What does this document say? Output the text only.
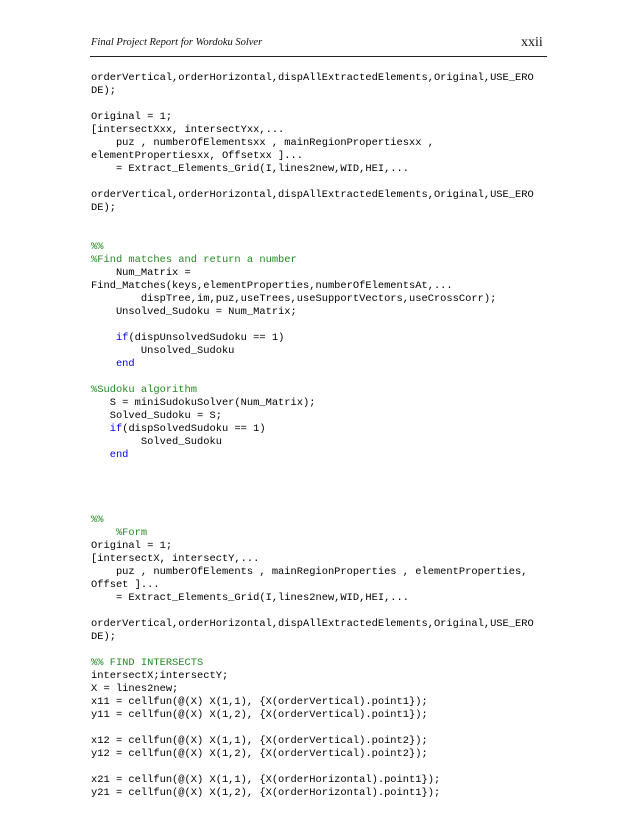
Final Project Report for Wordoku Solver	xxii
orderVertical,orderHorizontal,dispAllExtractedElements,Original,USE_ERO
DE);
Original = 1;
[intersectXxx, intersectYxx,...
puz , numberOfElementsxx , mainRegionPropertiesxx ,
elementPropertiesxx, Offsetxx ]...
= Extract_Elements_Grid(I,lines2new,WID,HEI,...
orderVertical,orderHorizontal,dispAllExtractedElements,Original,USE_ERO
DE);
%%
%Find matches and return a number
Num_Matrix =
Find_Matches(keys,elementProperties,numberOfElementsAt,...
dispTree,im,puz,useTrees,useSupportVectors,useCrossCorr);
Unsolved_Sudoku = Num_Matrix;
if(dispUnsolvedSudoku == 1)
Unsolved_Sudoku
end
%Sudoku algorithm
S = miniSudokuSolver(Num_Matrix);
Solved_Sudoku = S;
if(dispSolvedSudoku == 1)
Solved_Sudoku
end
%%
%Form
Original = 1;
[intersectX, intersectY,...
puz , numberOfElements , mainRegionProperties , elementProperties,
Offset ]...
= Extract_Elements_Grid(I,lines2new,WID,HEI,...
orderVertical,orderHorizontal,dispAllExtractedElements,Original,USE_ERO
DE);
%% FIND INTERSECTS
intersectX;intersectY;
X = lines2new;
x11 = cellfun(@(X) X(1,1), {X(orderVertical).point1});
y11 = cellfun(@(X) X(1,2), {X(orderVertical).point1});
x12 = cellfun(@(X) X(1,1), {X(orderVertical).point2});
y12 = cellfun(@(X) X(1,2), {X(orderVertical).point2});
x21 = cellfun(@(X) X(1,1), {X(orderHorizontal).point1});
y21 = cellfun(@(X) X(1,2), {X(orderHorizontal).point1});
